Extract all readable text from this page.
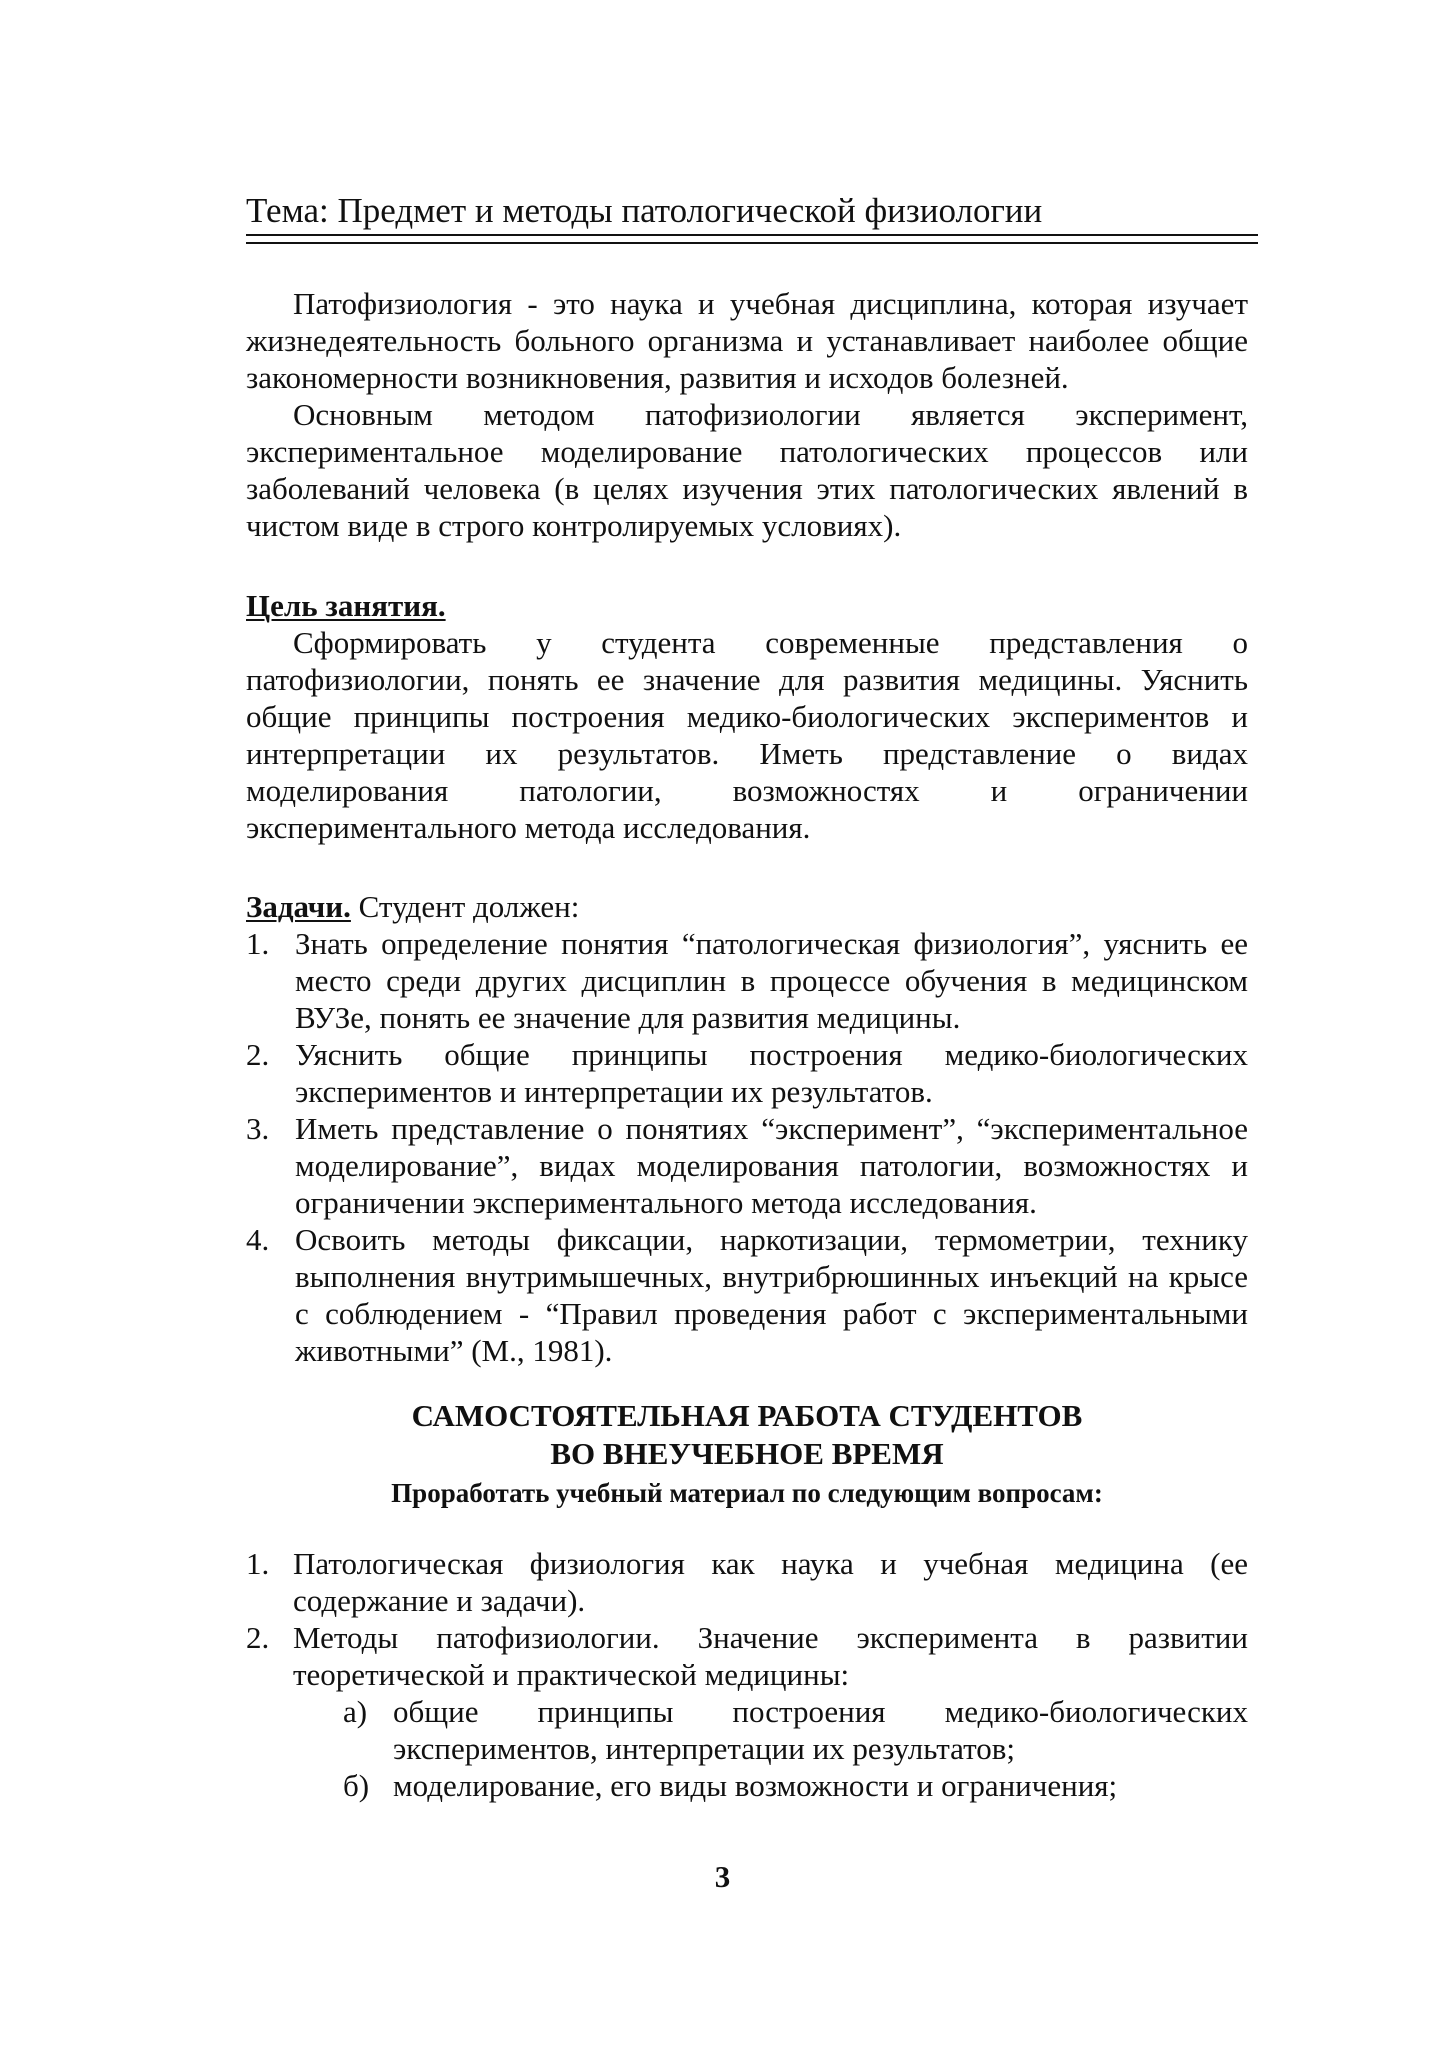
Тема: Предмет и методы патологической физиологии

Патофизиология - это наука и учебная дисциплина, которая изучает жизнедеятельность больного организма и устанавливает наиболее общие закономерности возникновения, развития и исходов болезней.

Основным методом патофизиологии является эксперимент, экспериментальное моделирование патологических процессов или заболеваний человека (в целях изучения этих патологических явлений в чистом виде в строго контролируемых условиях).

Цель занятия.

Сформировать у студента современные представления о патофизиологии, понять ее значение для развития медицины. Уяснить общие принципы построения медико-биологических экспериментов и интерпретации их результатов. Иметь представление о видах моделирования патологии, возможностях и ограничении экспериментального метода исследования.

Задачи. Студент должен:
1. Знать определение понятия “патологическая физиология”, уяснить ее место среди других дисциплин в процессе обучения в медицинском ВУЗе, понять ее значение для развития медицины.
2. Уяснить общие принципы построения медико-биологических экспериментов и интерпретации их результатов.
3. Иметь представление о понятиях “эксперимент”, “экспериментальное моделирование”, видах моделирования патологии, возможностях и ограничении экспериментального метода исследования.
4. Освоить методы фиксации, наркотизации, термометрии, технику выполнения внутримышечных, внутрибрюшинных инъекций на крысе с соблюдением - “Правил проведения работ с экспериментальными животными” (М., 1981).
САМОСТОЯТЕЛЬНАЯ РАБОТА СТУДЕНТОВ
ВО ВНЕУЧЕБНОЕ ВРЕМЯ
Проработать учебный материал по следующим вопросам:
1. Патологическая физиология как наука и учебная медицина (ее содержание и задачи).
2. Методы патофизиологии. Значение эксперимента в развитии теоретической и практической медицины:
а) общие принципы построения медико-биологических экспериментов, интерпретации их результатов;
б) моделирование, его виды возможности и ограничения;
3
